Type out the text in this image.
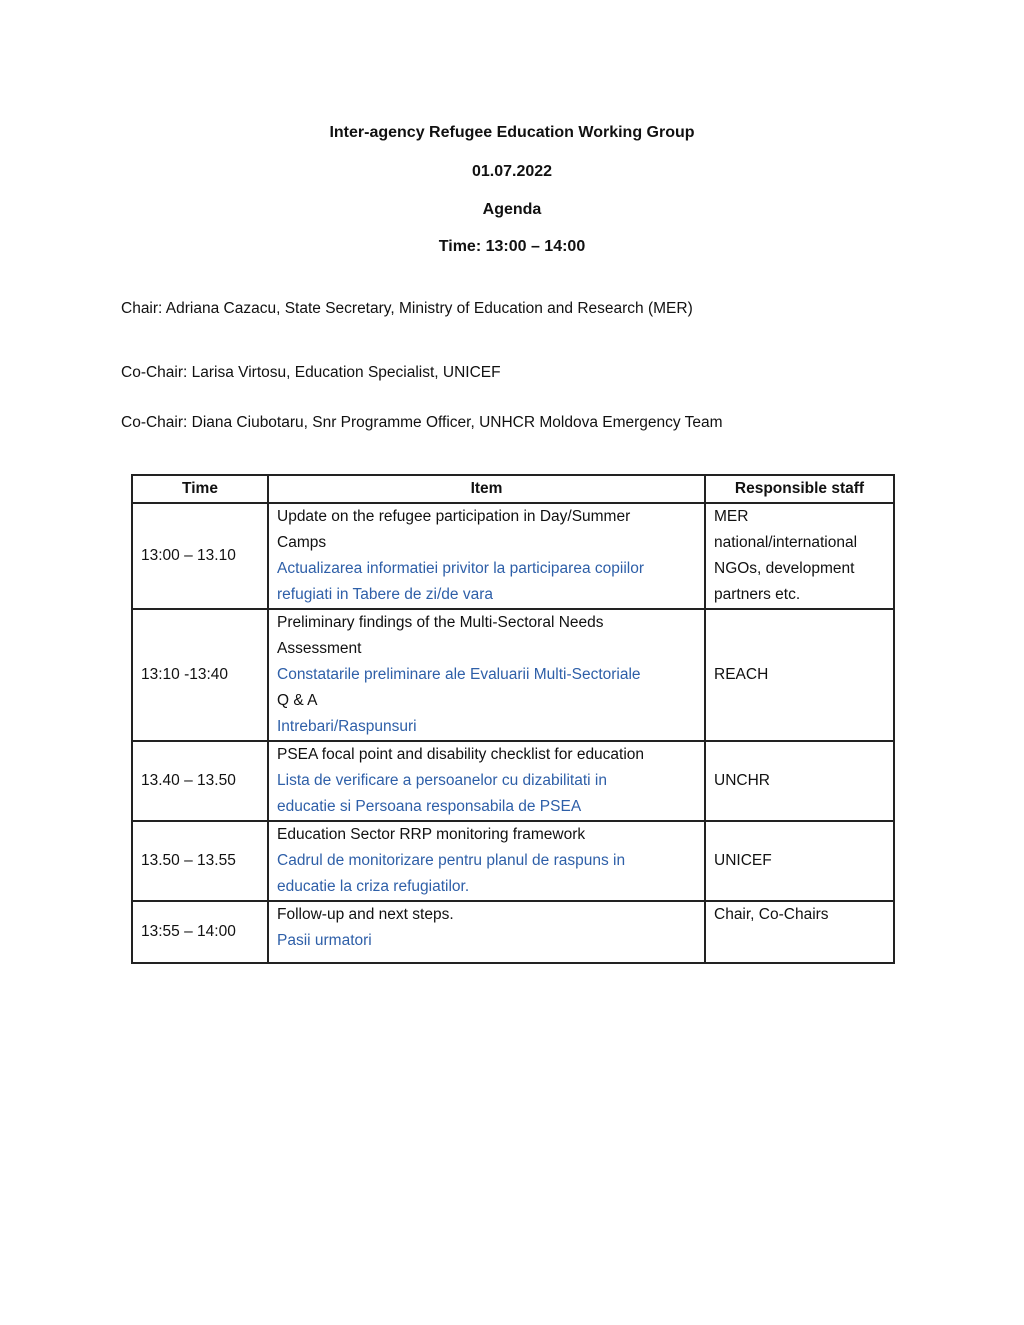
Inter-agency Refugee Education Working Group
01.07.2022
Agenda
Time: 13:00 – 14:00
Chair: Adriana Cazacu, State Secretary, Ministry of Education and Research (MER)
Co-Chair: Larisa Virtosu, Education Specialist, UNICEF
Co-Chair: Diana Ciubotaru, Snr Programme Officer, UNHCR Moldova Emergency Team
Time	Item	Responsible staff
13:00 – 13.10	Update on the refugee participation in Day/Summer
Camps
Actualizarea informatiei privitor la participarea copiilor
refugiati in Tabere de zi/de vara	MER
national/international
NGOs, development
partners etc.

13:10 -13:40	Preliminary findings of the Multi-Sectoral Needs
Assessment
Constatarile preliminare ale Evaluarii Multi-Sectoriale
Q & A
Intrebari/Raspunsuri	REACH

13.40 – 13.50	PSEA focal point and disability checklist for education
Lista de verificare a persoanelor cu dizabilitati in
educatie si Persoana responsabila de PSEA	UNCHR

13.50 – 13.55	Education Sector RRP monitoring framework
Cadrul de monitorizare pentru planul de raspuns in
educatie la criza refugiatilor.	UNICEF

13:55 – 14:00	Follow-up and next steps.
Pasii urmatori	Chair, Co-Chairs
